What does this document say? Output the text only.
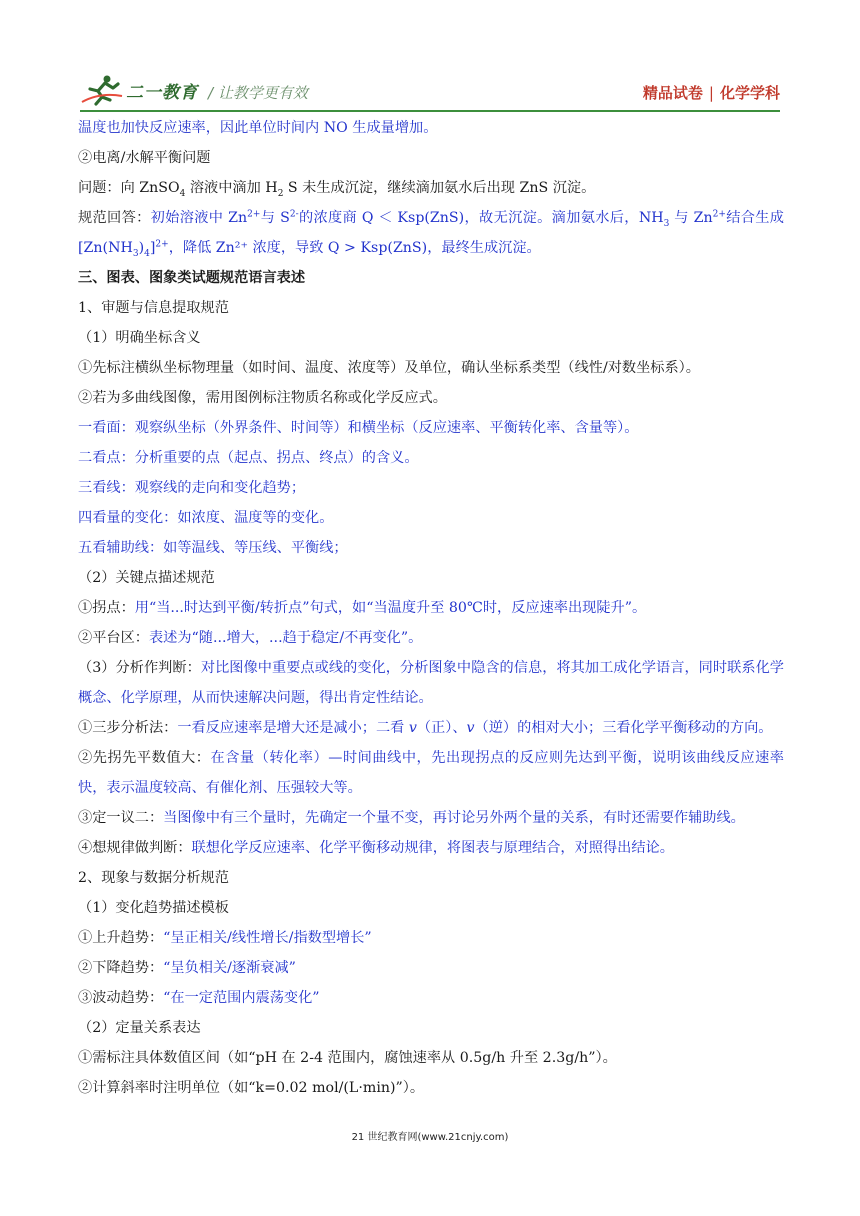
二一教育 / 让教学更有效	精品试卷 | 化学学科

温度也加快反应速率，因此单位时间内 NO 生成量增加。

②电离/水解平衡问题

问题：向 ZnSO$_4$ 溶液中滴加 $H_2$ S 未生成沉淀，继续滴加氨水后出现 ZnS 沉淀。

规范回答：初始溶液中 $Zn^{2+}$与 $S^{2-}$的浓度商 Q ＜ Ksp(ZnS)，故无沉淀。滴加氨水后，$NH_3$ 与 $Zn^{2+}$结合生成 $[Zn(NH_3)_4]^{2+}$，降低 Zn²⁺ 浓度，导致 Q > Ksp(ZnS)，最终生成沉淀。

三、图表、图象类试题规范语言表述

1、审题与信息提取规范

（1）明确坐标含义

①先标注横纵坐标物理量（如时间、温度、浓度等）及单位，确认坐标系类型（线性/对数坐标系）。

②若为多曲线图像，需用图例标注物质名称或化学反应式。

一看面：观察纵坐标（外界条件、时间等）和横坐标（反应速率、平衡转化率、含量等）。

二看点：分析重要的点（起点、拐点、终点）的含义。

三看线：观察线的走向和变化趋势；

四看量的变化：如浓度、温度等的变化。

五看辅助线：如等温线、等压线、平衡线；

（2）关键点描述规范

①拐点：用“当...时达到平衡/转折点”句式，如“当温度升至 80℃时，反应速率出现陡升”。

②平台区：表述为“随...增大，...趋于稳定/不再变化”。

（3）分析作判断：对比图像中重要点或线的变化，分析图象中隐含的信息，将其加工成化学语言，同时联系化学概念、化学原理，从而快速解决问题，得出肯定性结论。

①三步分析法：一看反应速率是增大还是减小；二看 v（正）、v（逆）的相对大小；三看化学平衡移动的方向。

②先拐先平数值大：在含量（转化率）—时间曲线中，先出现拐点的反应则先达到平衡，说明该曲线反应速率快，表示温度较高、有催化剂、压强较大等。

③定一议二：当图像中有三个量时，先确定一个量不变，再讨论另外两个量的关系，有时还需要作辅助线。

④想规律做判断：联想化学反应速率、化学平衡移动规律，将图表与原理结合，对照得出结论。

2、现象与数据分析规范

（1）变化趋势描述模板

①上升趋势：“呈正相关/线性增长/指数型增长”

②下降趋势：“呈负相关/逐渐衰减”

③波动趋势：“在一定范围内震荡变化”

（2）定量关系表达

①需标注具体数值区间（如“pH 在 2-4 范围内，腐蚀速率从 0.5g/h 升至 2.3g/h”）。

②计算斜率时注明单位（如“k=0.02 mol/(L·min)”）。

21 世纪教育网(www.21cnjy.com)
